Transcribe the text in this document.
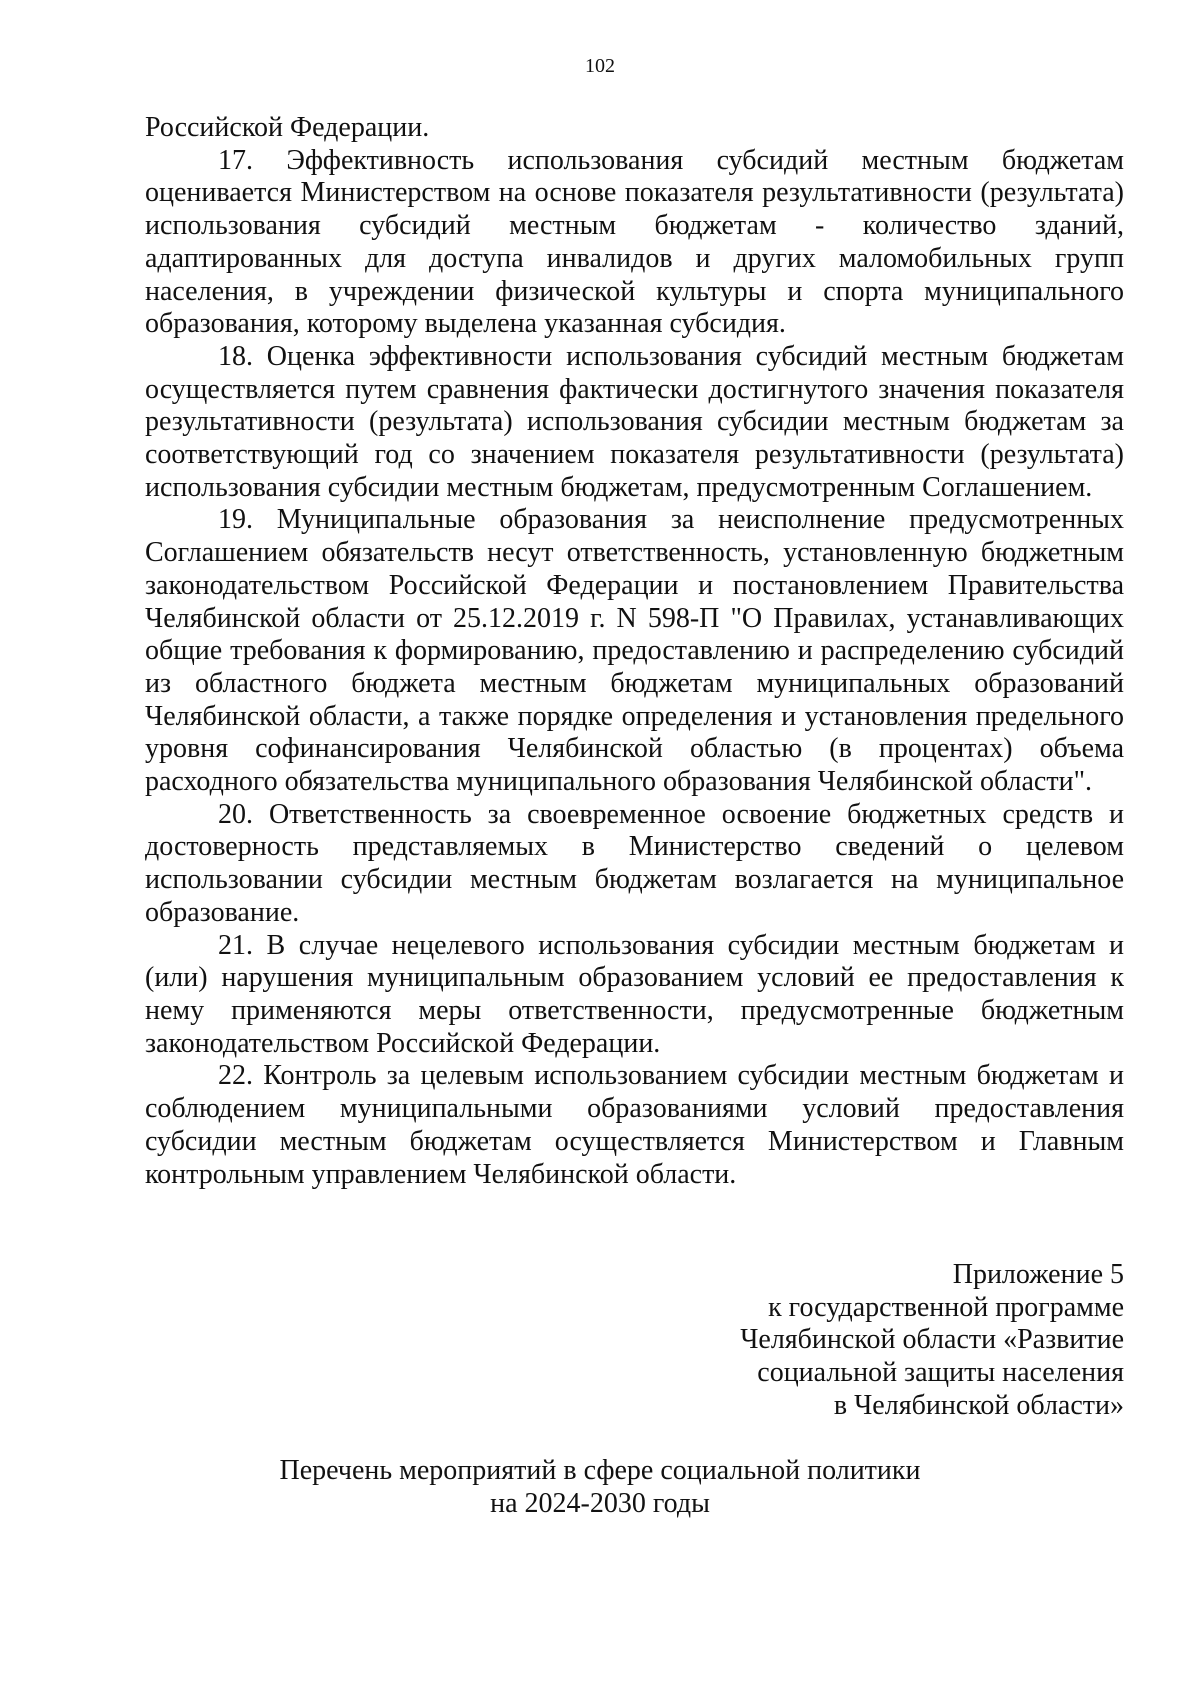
102

Российской Федерации.

17. Эффективность использования субсидий местным бюджетам оценивается Министерством на основе показателя результативности (результата) использования субсидий местным бюджетам - количество зданий, адаптированных для доступа инвалидов и других маломобильных групп населения, в учреждении физической культуры и спорта муниципального образования, которому выделена указанная субсидия.

18. Оценка эффективности использования субсидий местным бюджетам осуществляется путем сравнения фактически достигнутого значения показателя результативности (результата) использования субсидии местным бюджетам за соответствующий год со значением показателя результативности (результата) использования субсидии местным бюджетам, предусмотренным Соглашением.

19. Муниципальные образования за неисполнение предусмотренных Соглашением обязательств несут ответственность, установленную бюджетным законодательством Российской Федерации и постановлением Правительства Челябинской области от 25.12.2019 г. N 598-П "О Правилах, устанавливающих общие требования к формированию, предоставлению и распределению субсидий из областного бюджета местным бюджетам муниципальных образований Челябинской области, а также порядке определения и установления предельного уровня софинансирования Челябинской областью (в процентах) объема расходного обязательства муниципального образования Челябинской области".

20. Ответственность за своевременное освоение бюджетных средств и достоверность представляемых в Министерство сведений о целевом использовании субсидии местным бюджетам возлагается на муниципальное образование.

21. В случае нецелевого использования субсидии местным бюджетам и (или) нарушения муниципальным образованием условий ее предоставления к нему применяются меры ответственности, предусмотренные бюджетным законодательством Российской Федерации.

22. Контроль за целевым использованием субсидии местным бюджетам и соблюдением муниципальными образованиями условий предоставления субсидии местным бюджетам осуществляется Министерством и Главным контрольным управлением Челябинской области.

Приложение 5
к государственной программе
Челябинской области «Развитие
социальной защиты населения
в Челябинской области»
Перечень мероприятий в сфере социальной политики
на 2024-2030 годы
